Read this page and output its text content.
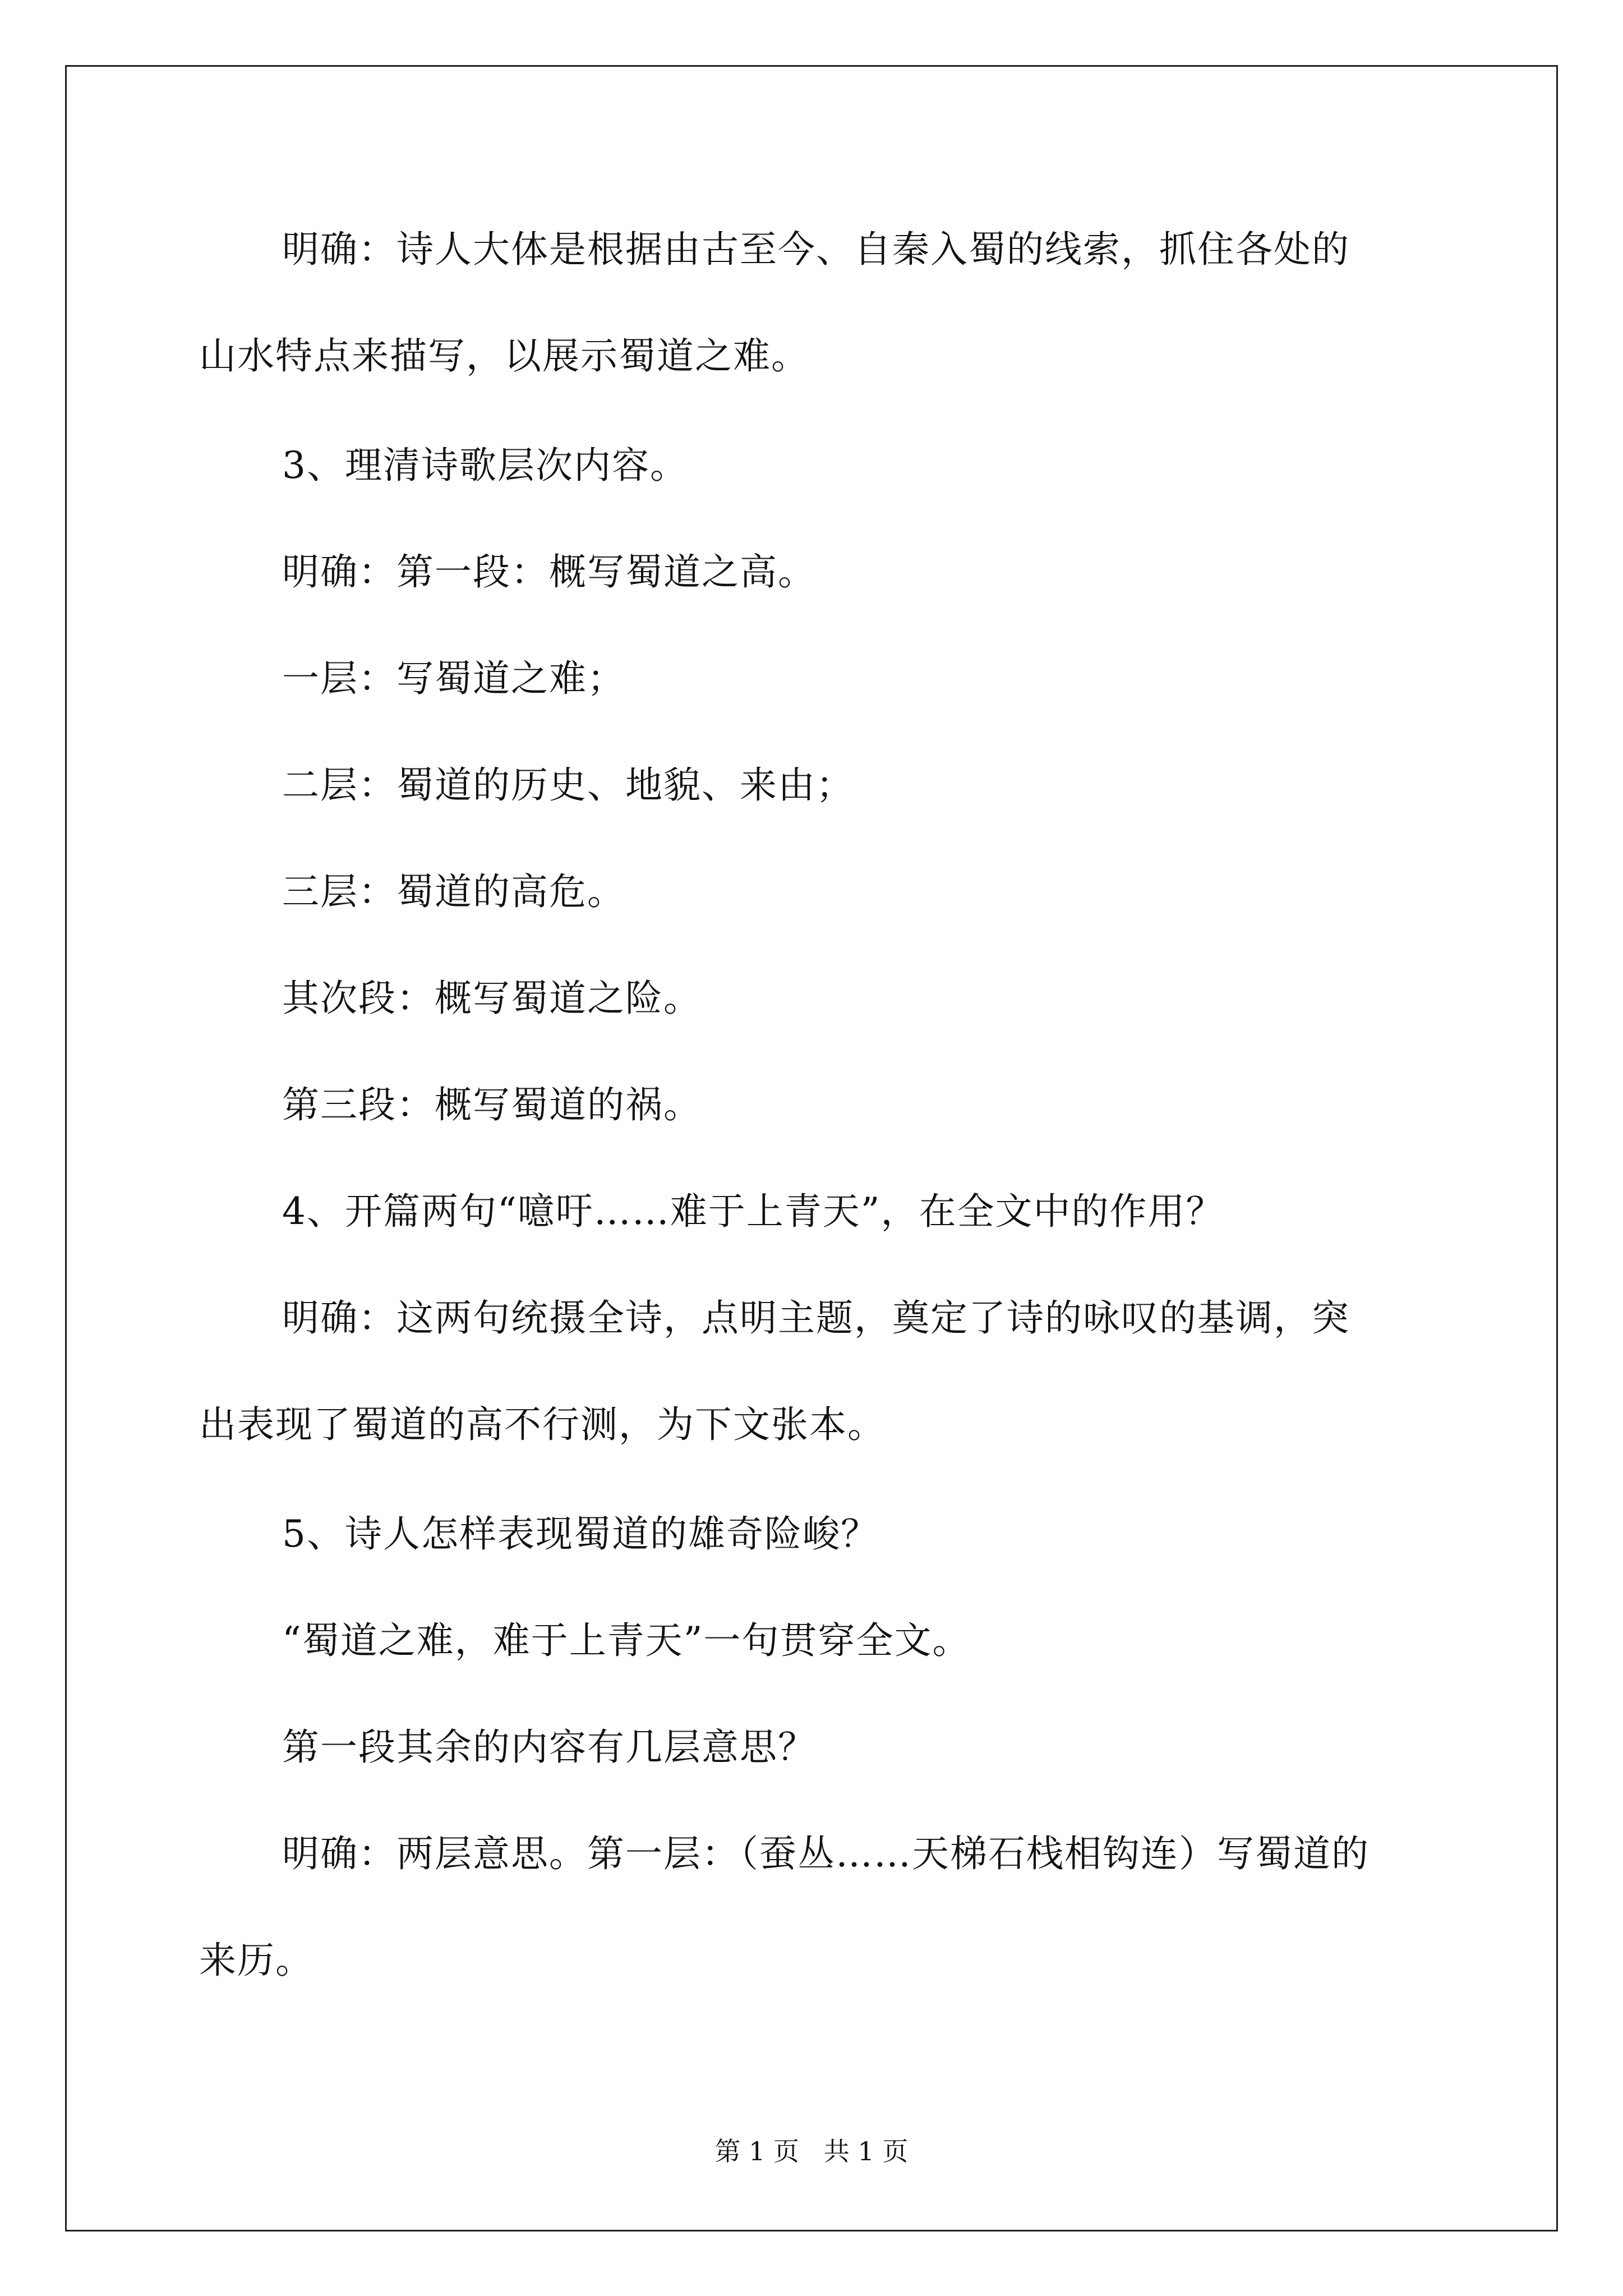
明确：诗人大体是根据由古至今、自秦入蜀的线索，抓住各处的
山水特点来描写，以展示蜀道之难。
3、理清诗歌层次内容。
明确：第一段：概写蜀道之高。
一层：写蜀道之难；
二层：蜀道的历史、地貌、来由；
三层：蜀道的高危。
其次段：概写蜀道之险。
第三段：概写蜀道的祸。
4、开篇两句“噫吁……难于上青天”，在全文中的作用？
明确：这两句统摄全诗，点明主题，奠定了诗的咏叹的基调，突
出表现了蜀道的高不行测，为下文张本。
5、诗人怎样表现蜀道的雄奇险峻？
“蜀道之难，难于上青天”一句贯穿全文。
第一段其余的内容有几层意思？
明确：两层意思。第一层：（蚕丛……天梯石栈相钩连）写蜀道的
来历。
第 1 页   共 1 页
